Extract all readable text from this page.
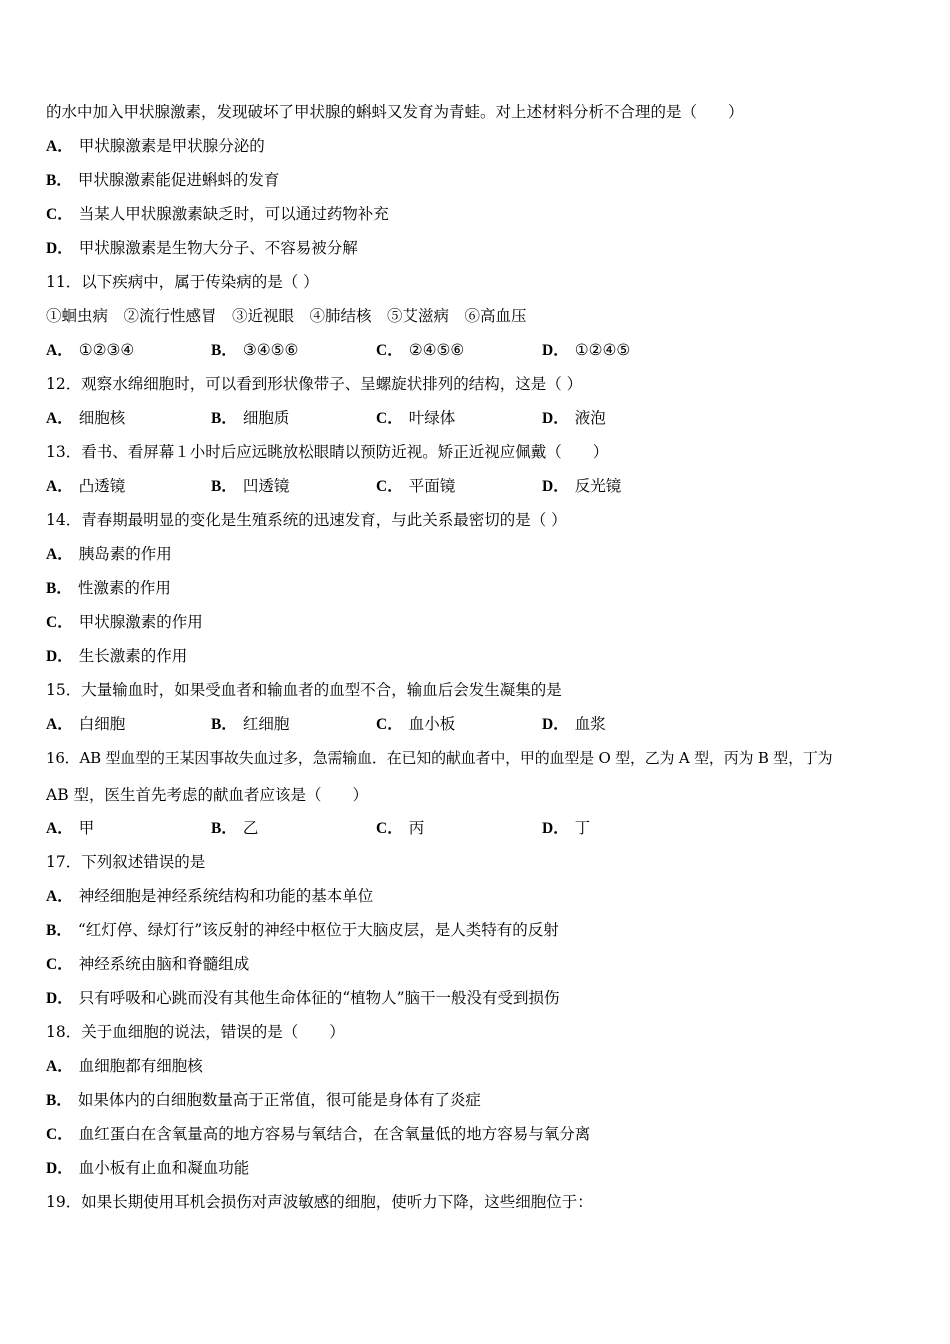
的水中加入甲状腺激素，发现破坏了甲状腺的蝌蚪又发育为青蛙。对上述材料分析不合理的是（　　）
A． 甲状腺激素是甲状腺分泌的
B． 甲状腺激素能促进蝌蚪的发育
C． 当某人甲状腺激素缺乏时，可以通过药物补充
D． 甲状腺激素是生物大分子、不容易被分解
11．以下疾病中，属于传染病的是（ ）
①蛔虫病　②流行性感冒　③近视眼　④肺结核　⑤艾滋病　⑥高血压
A． ①②③④	B． ③④⑤⑥	C． ②④⑤⑥	D． ①②④⑤
12．观察水绵细胞时，可以看到形状像带子、呈螺旋状排列的结构，这是（ ）
A． 细胞核	B． 细胞质	C． 叶绿体	D． 液泡
13．看书、看屏幕１小时后应远眺放松眼睛以预防近视。矫正近视应佩戴（　　）
A． 凸透镜	B． 凹透镜	C． 平面镜	D． 反光镜
14．青春期最明显的变化是生殖系统的迅速发育，与此关系最密切的是（ ）
A． 胰岛素的作用
B． 性激素的作用
C． 甲状腺激素的作用
D． 生长激素的作用
15．大量输血时，如果受血者和输血者的血型不合，输血后会发生凝集的是
A． 白细胞	B． 红细胞	C． 血小板	D． 血浆
16．AB 型血型的王某因事故失血过多，急需输血．在已知的献血者中，甲的血型是 O 型，乙为 A 型，丙为 B 型，丁为
AB 型，医生首先考虑的献血者应该是（　　）
A． 甲	B． 乙	C． 丙	D． 丁
17．下列叙述错误的是
A． 神经细胞是神经系统结构和功能的基本单位
B． “红灯停、绿灯行”该反射的神经中枢位于大脑皮层，是人类特有的反射
C． 神经系统由脑和脊髓组成
D． 只有呼吸和心跳而没有其他生命体征的“植物人”脑干一般没有受到损伤
18．关于血细胞的说法，错误的是（　　）
A． 血细胞都有细胞核
B． 如果体内的白细胞数量高于正常值，很可能是身体有了炎症
C． 血红蛋白在含氧量高的地方容易与氧结合，在含氧量低的地方容易与氧分离
D． 血小板有止血和凝血功能
19．如果长期使用耳机会损伤对声波敏感的细胞，使听力下降，这些细胞位于：
